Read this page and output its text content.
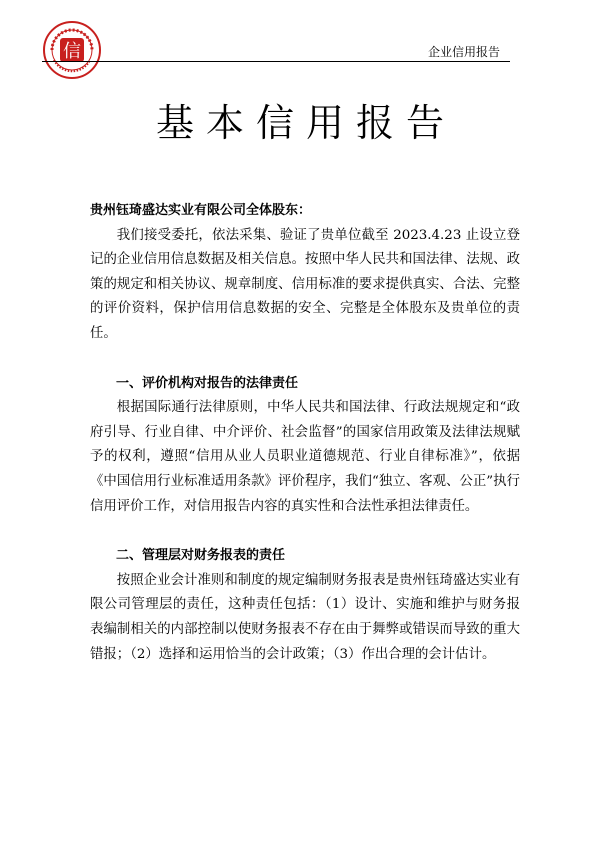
信	企业信用报告
基本信用报告

贵州钰琦盛达实业有限公司全体股东：

我们接受委托，依法采集、验证了贵单位截至 2023.4.23 止设立登记的企业信用信息数据及相关信息。按照中华人民共和国法律、法规、政策的规定和相关协议、规章制度、信用标准的要求提供真实、合法、完整的评价资料，保护信用信息数据的安全、完整是全体股东及贵单位的责任。

一、评价机构对报告的法律责任

根据国际通行法律原则，中华人民共和国法律、行政法规规定和“政府引导、行业自律、中介评价、社会监督”的国家信用政策及法律法规赋予的权利，遵照“信用从业人员职业道德规范、行业自律标准》”，依据《中国信用行业标准适用条款》评价程序，我们“独立、客观、公正”执行信用评价工作，对信用报告内容的真实性和合法性承担法律责任。

二、管理层对财务报表的责任

按照企业会计准则和制度的规定编制财务报表是贵州钰琦盛达实业有限公司管理层的责任，这种责任包括：（1）设计、实施和维护与财务报表编制相关的内部控制以使财务报表不存在由于舞弊或错误而导致的重大错报；（2）选择和运用恰当的会计政策；（3）作出合理的会计估计。
